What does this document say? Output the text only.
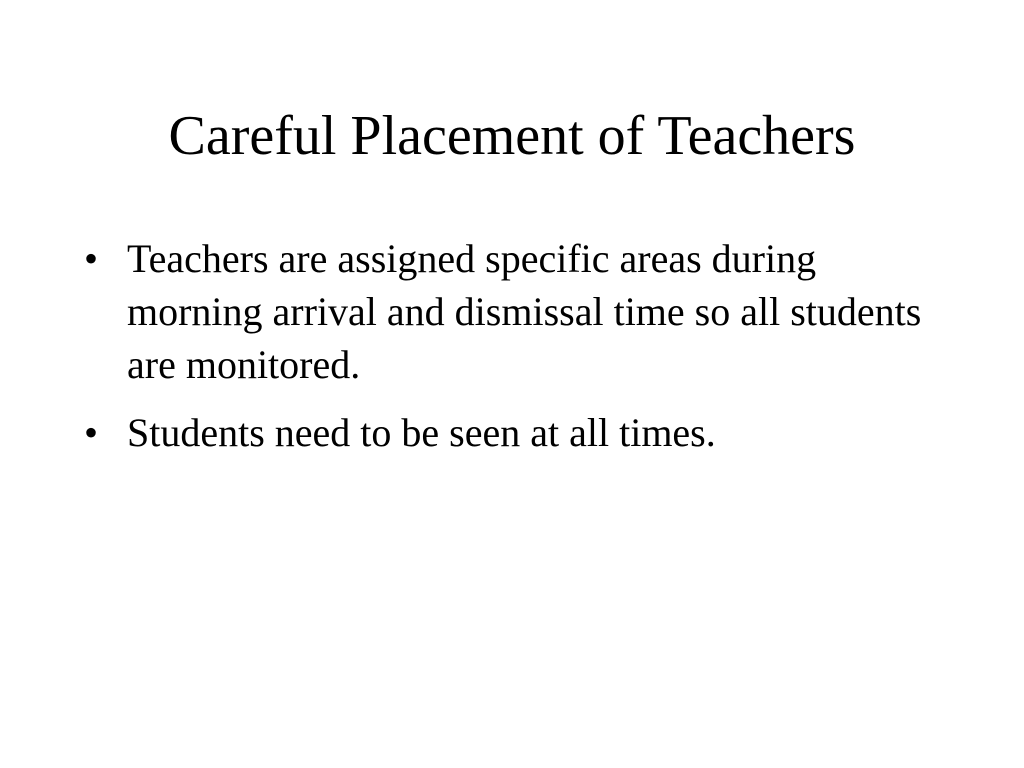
Careful Placement of Teachers
• Teachers are assigned specific areas during morning arrival and dismissal time so all students are monitored.
• Students need to be seen at all times.
